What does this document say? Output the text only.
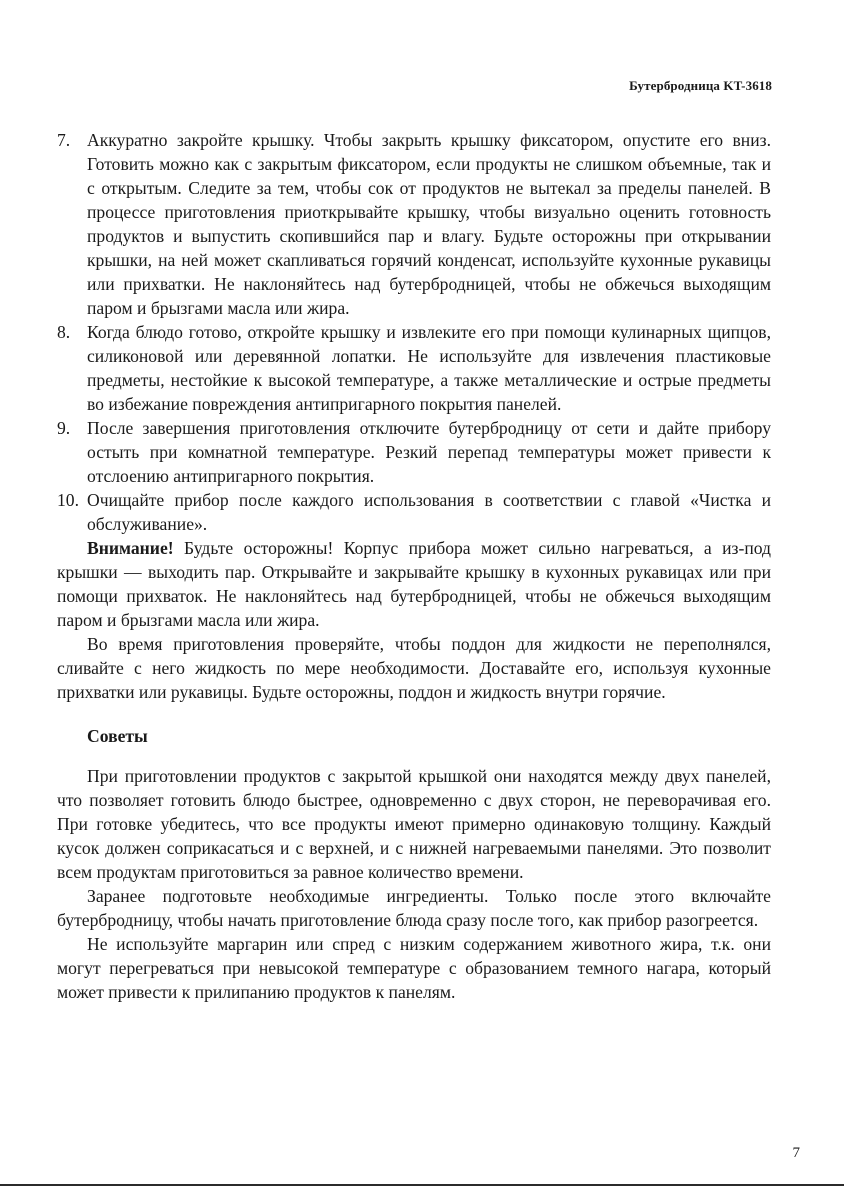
Бутербродница KT-3618
7. Аккуратно закройте крышку. Чтобы закрыть крышку фиксатором, опустите его вниз. Готовить можно как с закрытым фиксатором, если продукты не слишком объемные, так и с открытым. Следите за тем, чтобы сок от продуктов не вытекал за пределы панелей. В процессе приготовления приоткрывайте крышку, чтобы визуально оценить готовность продуктов и выпустить скопившийся пар и влагу. Будьте осторожны при открывании крышки, на ней может скапливаться горячий конденсат, используйте кухонные рукавицы или прихватки. Не наклоняйтесь над бутербродницей, чтобы не обжечься выходящим паром и брызгами масла или жира.
8. Когда блюдо готово, откройте крышку и извлеките его при помощи кулинарных щипцов, силиконовой или деревянной лопатки. Не используйте для извлечения пластиковые предметы, нестойкие к высокой температуре, а также металлические и острые предметы во избежание повреждения антипригарного покрытия панелей.
9. После завершения приготовления отключите бутербродницу от сети и дайте прибору остыть при комнатной температуре. Резкий перепад температуры может привести к отслоению антипригарного покрытия.
10. Очищайте прибор после каждого использования в соответствии с главой «Чистка и обслуживание».

Внимание! Будьте осторожны! Корпус прибора может сильно нагреваться, а из-под крышки — выходить пар. Открывайте и закрывайте крышку в кухонных рукавицах или при помощи прихваток. Не наклоняйтесь над бутербродницей, чтобы не обжечься выходящим паром и брызгами масла или жира.

Во время приготовления проверяйте, чтобы поддон для жидкости не переполнялся, сливайте с него жидкость по мере необходимости. Доставайте его, используя кухонные прихватки или рукавицы. Будьте осторожны, поддон и жидкость внутри горячие.

Советы

При приготовлении продуктов с закрытой крышкой они находятся между двух панелей, что позволяет готовить блюдо быстрее, одновременно с двух сторон, не переворачивая его. При готовке убедитесь, что все продукты имеют примерно одинаковую толщину. Каждый кусок должен соприкасаться и с верхней, и с нижней нагреваемыми панелями. Это позволит всем продуктам приготовиться за равное количество времени.

Заранее подготовьте необходимые ингредиенты. Только после этого включайте бутербродницу, чтобы начать приготовление блюда сразу после того, как прибор разогреется.

Не используйте маргарин или спред с низким содержанием животного жира, т.к. они могут перегреваться при невысокой температуре с образованием темного нагара, который может привести к прилипанию продуктов к панелям.

7
